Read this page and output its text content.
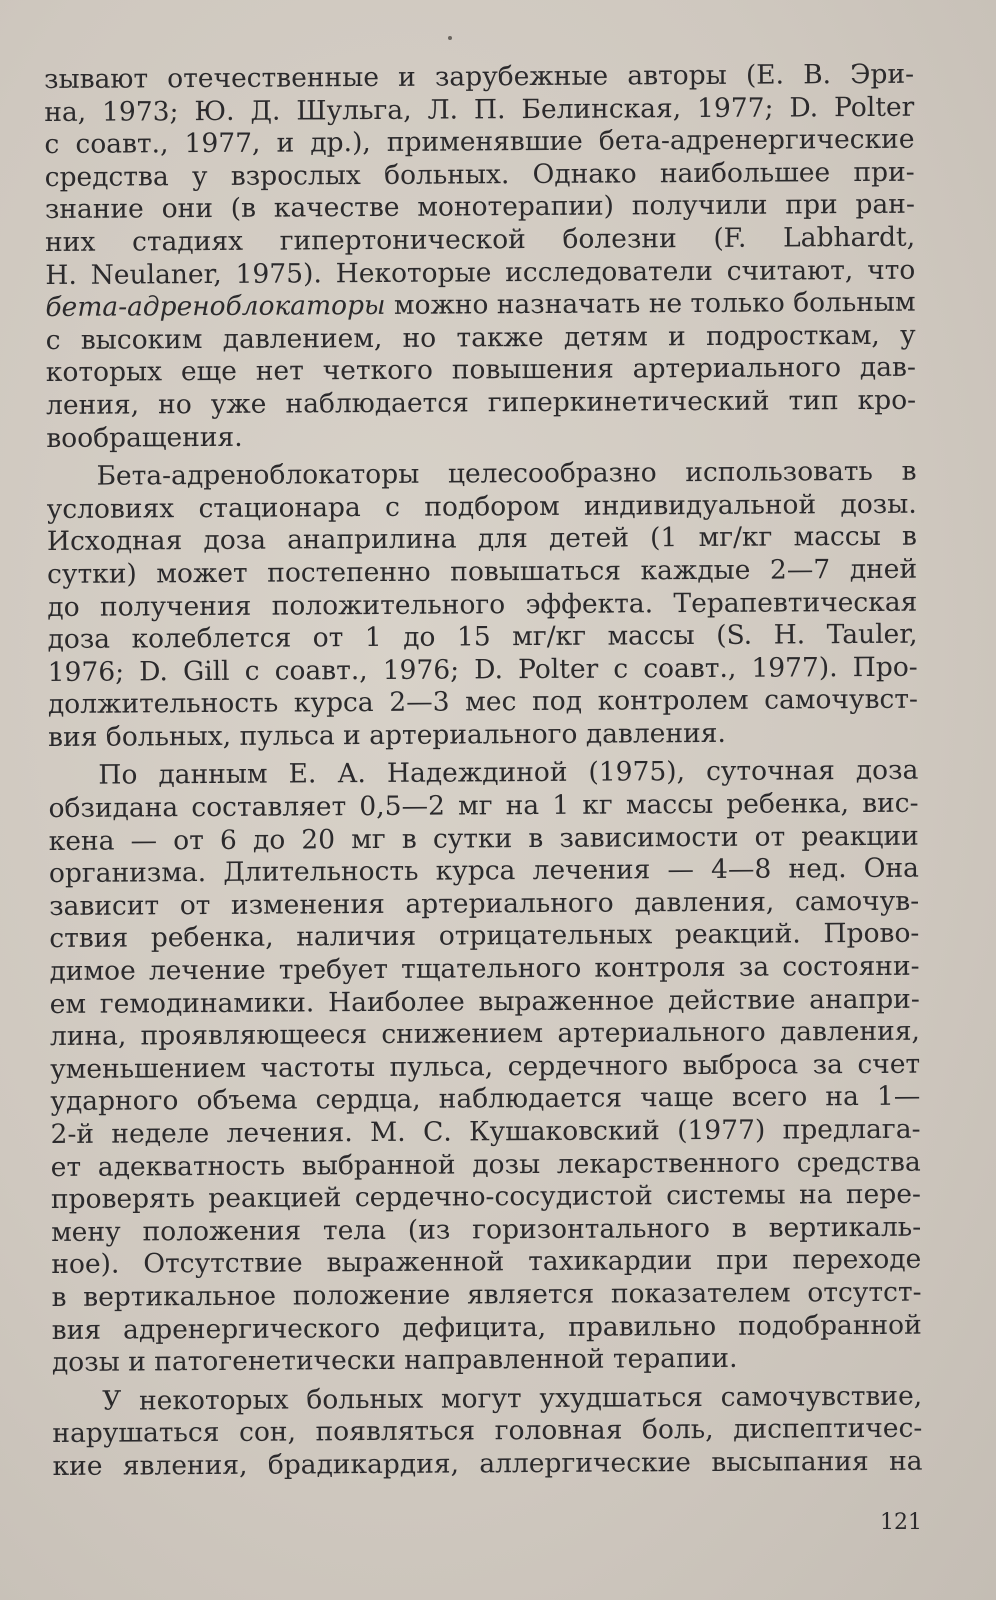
зывают отечественные и зарубежные авторы (Е. В. Эри-
на, 1973; Ю. Д. Шульга, Л. П. Белинская, 1977; D. Polter
с соавт., 1977, и др.), применявшие бета-адренергические
средства у взрослых больных. Однако наибольшее при-
знание они (в качестве монотерапии) получили при ран-
них стадиях гипертонической болезни (F. Labhardt,
H. Neulaner, 1975). Некоторые исследователи считают, что
бета-адреноблокаторы можно назначать не только больным
с высоким давлением, но также детям и подросткам, у
которых еще нет четкого повышения артериального дав-
ления, но уже наблюдается гиперкинетический тип кро-
вообращения.
Бета-адреноблокаторы целесообразно использовать в
условиях стационара с подбором индивидуальной дозы.
Исходная доза анаприлина для детей (1 мг/кг массы в
сутки) может постепенно повышаться каждые 2—7 дней
до получения положительного эффекта. Терапевтическая
доза колеблется от 1 до 15 мг/кг массы (S. H. Tauler,
1976; D. Gill с соавт., 1976; D. Polter с соавт., 1977). Про-
должительность курса 2—3 мес под контролем самочувст-
вия больных, пульса и артериального давления.
По данным Е. А. Надеждиной (1975), суточная доза
обзидана составляет 0,5—2 мг на 1 кг массы ребенка, вис-
кена — от 6 до 20 мг в сутки в зависимости от реакции
организма. Длительность курса лечения — 4—8 нед. Она
зависит от изменения артериального давления, самочув-
ствия ребенка, наличия отрицательных реакций. Прово-
димое лечение требует тщательного контроля за состояни-
ем гемодинамики. Наиболее выраженное действие анапри-
лина, проявляющееся снижением артериального давления,
уменьшением частоты пульса, сердечного выброса за счет
ударного объема сердца, наблюдается чаще всего на 1—
2-й неделе лечения. М. С. Кушаковский (1977) предлага-
ет адекватность выбранной дозы лекарственного средства
проверять реакцией сердечно-сосудистой системы на пере-
мену положения тела (из горизонтального в вертикаль-
ное). Отсутствие выраженной тахикардии при переходе
в вертикальное положение является показателем отсутст-
вия адренергического дефицита, правильно подобранной
дозы и патогенетически направленной терапии.
У некоторых больных могут ухудшаться самочувствие,
нарушаться сон, появляться головная боль, диспептичес-
кие явления, брадикардия, аллергические высыпания на
121
